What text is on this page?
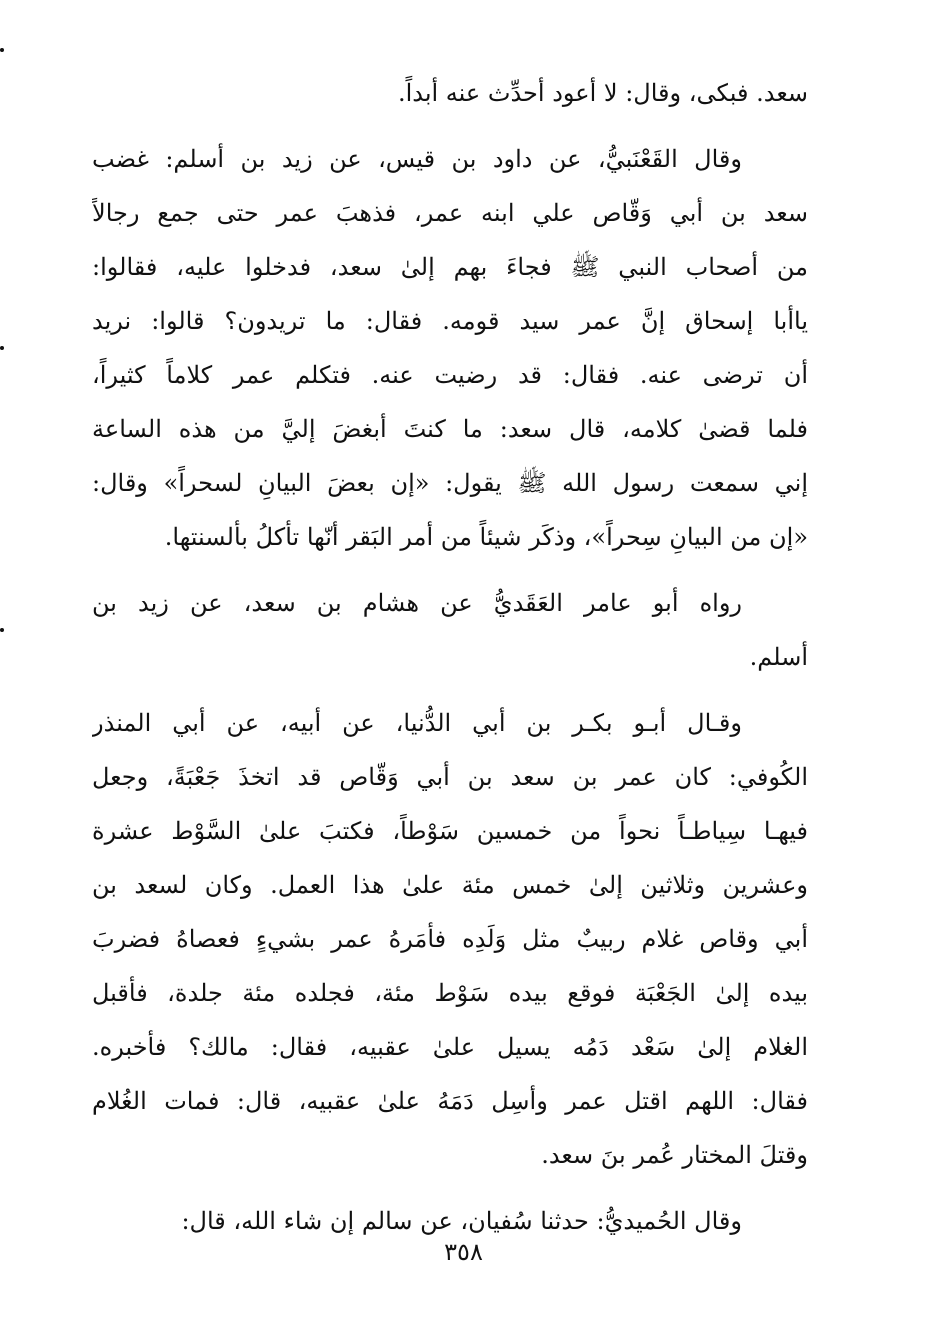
سعد. فبكى، وقال: لا أعود أحدِّث عنه أبداً.
وقال القَعْنَبيُّ، عن داود بن قيس، عن زيد بن أسلم: غضب
سعد بن أبي وَقّاص علي ابنه عمر، فذهبَ عمر حتى جمع رجالاً
من أصحاب النبي ﷺ فجاءَ بهم إلىٰ سعد، فدخلوا عليه، فقالوا:
ياأبا إسحاق إنَّ عمر سيد قومه. فقال: ما تريدون؟ قالوا: نريد
أن ترضى عنه. فقال: قد رضيت عنه. فتكلم عمر كلاماً كثيراً،
فلما قضىٰ كلامه، قال سعد: ما كنتَ أبغضَ إليَّ من هذه الساعة
إني سمعت رسول الله ﷺ يقول: «إن بعضَ البيانِ لسحراً» وقال:
«إن من البيانِ سِحراً»، وذكَر شيئاً من أمر البَقر أنّها تأكلُ بألسنتها.
رواه أبو عامر العَقَديُّ عن هشام بن سعد، عن زيد بن
أسلم.
وقـال أبـو بكـر بن أبي الدُّنيا، عن أبيه، عن أبي المنذر
الكُوفي: كان عمر بن سعد بن أبي وَقّاص قد اتخذَ جَعْبَةً، وجعل
فيهـا سِياطـاً نحواً من خمسين سَوْطاً، فكتبَ علىٰ السَّوْط عشرة
وعشرين وثلاثين إلىٰ خمس مئة علىٰ هذا العمل. وكان لسعد بن
أبي وقاص غلام ربيبٌ مثل وَلَدِه فأمَرهُ عمر بشيءٍ فعصاهُ فضربَ
بيده إلىٰ الجَعْبَة فوقع بيده سَوْط مئة، فجلده مئة جلدة، فأقبل
الغلام إلىٰ سَعْد دَمُه يسيل علىٰ عقبيه، فقال: مالك؟ فأخبره.
فقال: اللهم اقتل عمر وأسِل دَمَهُ علىٰ عقبيه، قال: فمات الغُلام
وقتلَ المختار عُمر بنَ سعد.
وقال الحُميديُّ: حدثنا سُفيان، عن سالم إن شاء الله، قال:
٣٥٨
